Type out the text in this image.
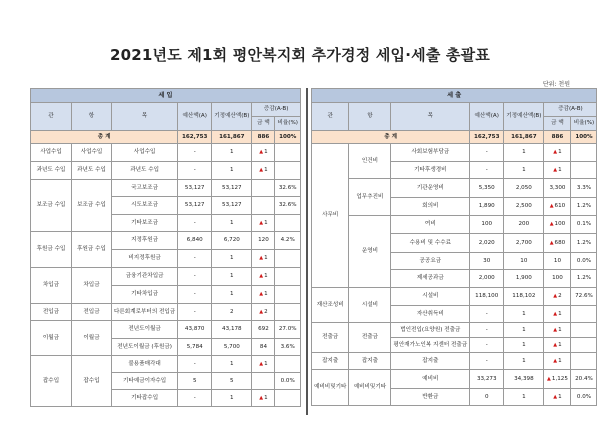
2021년도 제1회 평안복지회 추가경정 세입·세출 총괄표
단위: 천원
세 입						
관	항	목	예산액(A)	기정예산액(B)	증감(A-B)	
					금 액	비율(%)
총 계			162,753	161,867	886	100%
사업수입	사업수입	사업수입	-	1	▲1	
과년도 수입	과년도 수입	과년도 수입	-	1	▲1	
보조금 수입	보조금 수입	국고보조금	53,127	53,127		32.6%
		시도보조금	53,127	53,127		32.6%
		기타보조금	-	1	▲1	
후원금 수입	후원금 수입	지정후원금	6,840	6,720	120	4.2%
		비지정후원금	-	1	▲1	
차입금	차입금	금융기관차입금	-	1	▲1	
		기타차입금	-	1	▲1	
전입금	전입금	다른회계로부터의 전입금	-	2	▲2	
이월금	이월금	전년도이월금	43,870	43,178	692	27.0%
		전년도이월금 (후원금)	5,784	5,700	84	3.6%
잡수입	잡수입	불용품매각대	-	1	▲1	
		기타예금이자수입	5	5		0.0%
		기타잡수입	-	1	▲1	
세 출						
관	항	목	예산액(A)	기정예산액(B)	증감(A-B)	
					금 액	비율(%)
총 계			162,753	161,867	886	100%
사무비	인건비	사회보험부담금	-	1	▲1	
		기타후생경비	-	1	▲1	
	업무추진비	기관운영비	5,350	2,050	3,300	3.3%
		회의비	1,890	2,500	▲610	1.2%
	운영비	여비	100	200	▲100	0.1%
		수용비 및 수수료	2,020	2,700	▲680	1.2%
		공공요금	30	10	10	0.0%
		제세공과금	2,000	1,900	100	1.2%
재산조성비	시설비	시설비	118,100	118,102	▲2	72.6%
		자산취득비	-	1	▲1	
전출금	전출금	법인전입(요양원) 전출금	-	1	▲1	
		평안재가노인복 지센터 전출금	-	1	▲1	
잡지출	잡지출	잡지출	-	1	▲1	
예비비및기타	예비비및기타	예비비	33,273	34,398	▲1,125	20.4%
		반환금	0	1	▲1	0.0%
